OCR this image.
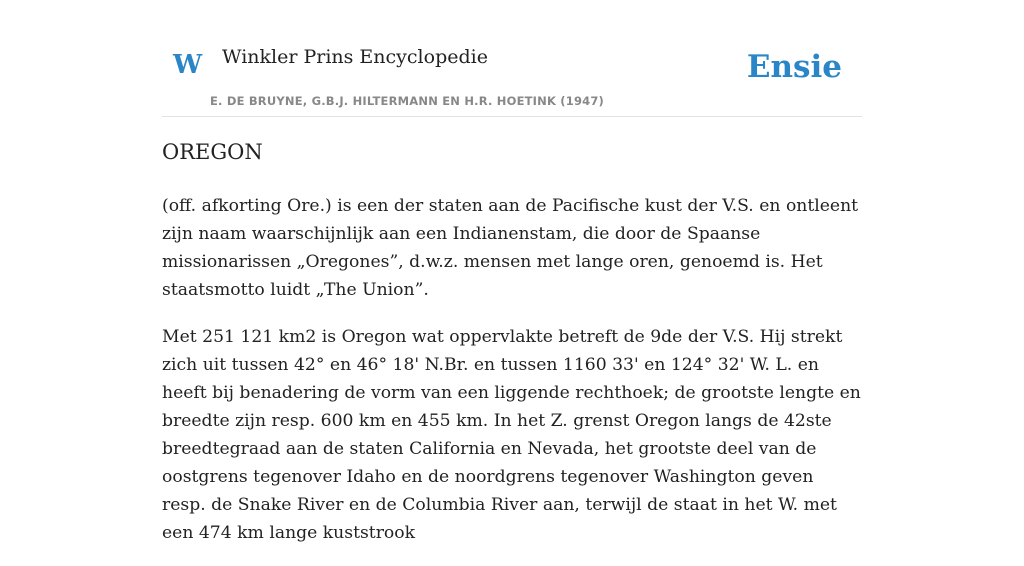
W Winkler Prins Encyclopedie
E. DE BRUYNE, G.B.J. HILTERMANN EN H.R. HOETINK (1947)
Ensie
OREGON

(off. afkorting Ore.) is een der staten aan de Pacifische kust der V.S. en ontleent zijn naam waarschijnlijk aan een Indianenstam, die door de Spaanse missionarissen „Oregones”, d.w.z. mensen met lange oren, genoemd is. Het staatsmotto luidt „The Union”.

Met 251 121 km2 is Oregon wat oppervlakte betreft de 9de der V.S. Hij strekt zich uit tussen 42° en 46° 18' N.Br. en tussen 1160 33' en 124° 32' W. L. en heeft bij benadering de vorm van een liggende rechthoek; de grootste lengte en breedte zijn resp. 600 km en 455 km. In het Z. grenst Oregon langs de 42ste breedtegraad aan de staten California en Nevada, het grootste deel van de oostgrens tegenover Idaho en de noordgrens tegenover Washington geven resp. de Snake River en de Columbia River aan, terwijl de staat in het W. met een 474 km lange kuststrook
